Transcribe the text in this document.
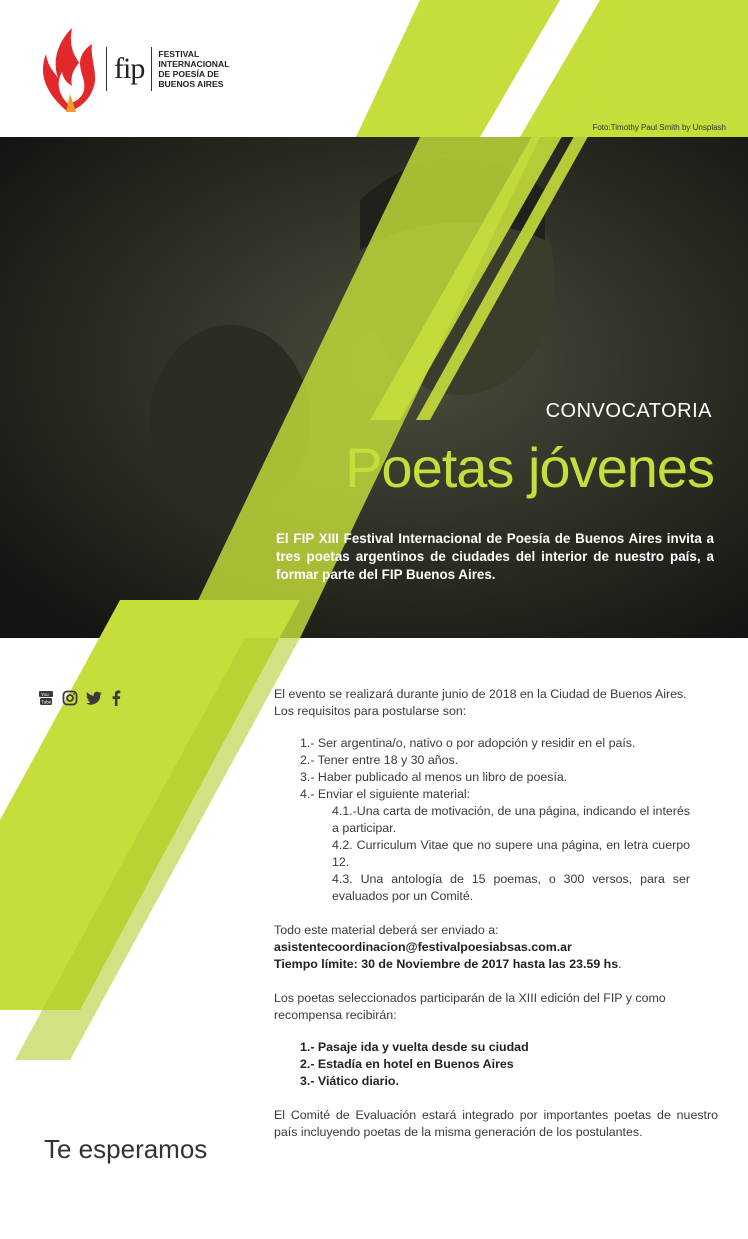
fip	FESTIVAL
INTERNACIONAL
DE POESÍA DE
BUENOS AIRES
Foto:Timothy Paul Smith by Unsplash
CONVOCATORIA
Poetas jóvenes

El FIP XIII Festival Internacional de Poesía de Buenos Aires invita a tres poetas argentinos de ciudades del interior de nuestro país, a formar parte del FIP Buenos Aires.

You
Tube

El evento se realizará durante junio de 2018 en la Ciudad de Buenos Aires.

Los requisitos para postularse son:

1.- Ser argentina/o, nativo o por adopción y residir en el país.
2.- Tener entre 18 y 30 años.
3.- Haber publicado al menos un libro de poesía.
4.- Enviar el siguiente material:
4.1.-Una carta de motivación, de una página, indicando el interés a participar.
4.2. Curriculum Vitae que no supere una página, en letra cuerpo 12.
4.3. Una antología de 15 poemas, o 300 versos, para ser evaluados por un Comité.

Todo este material deberá ser enviado a:

asistentecoordinacion@festivalpoesiabsas.com.ar

Tiempo límite: 30 de Noviembre de 2017 hasta las 23.59 hs.

Los poetas seleccionados participarán de la XIII edición del FIP y como recompensa recibirán:

1.- Pasaje ida y vuelta desde su ciudad
2.- Estadía en hotel en Buenos Aires
3.- Viático diario.

El Comité de Evaluación estará integrado por importantes poetas de nuestro país incluyendo poetas de la misma generación de los postulantes.

Te esperamos
